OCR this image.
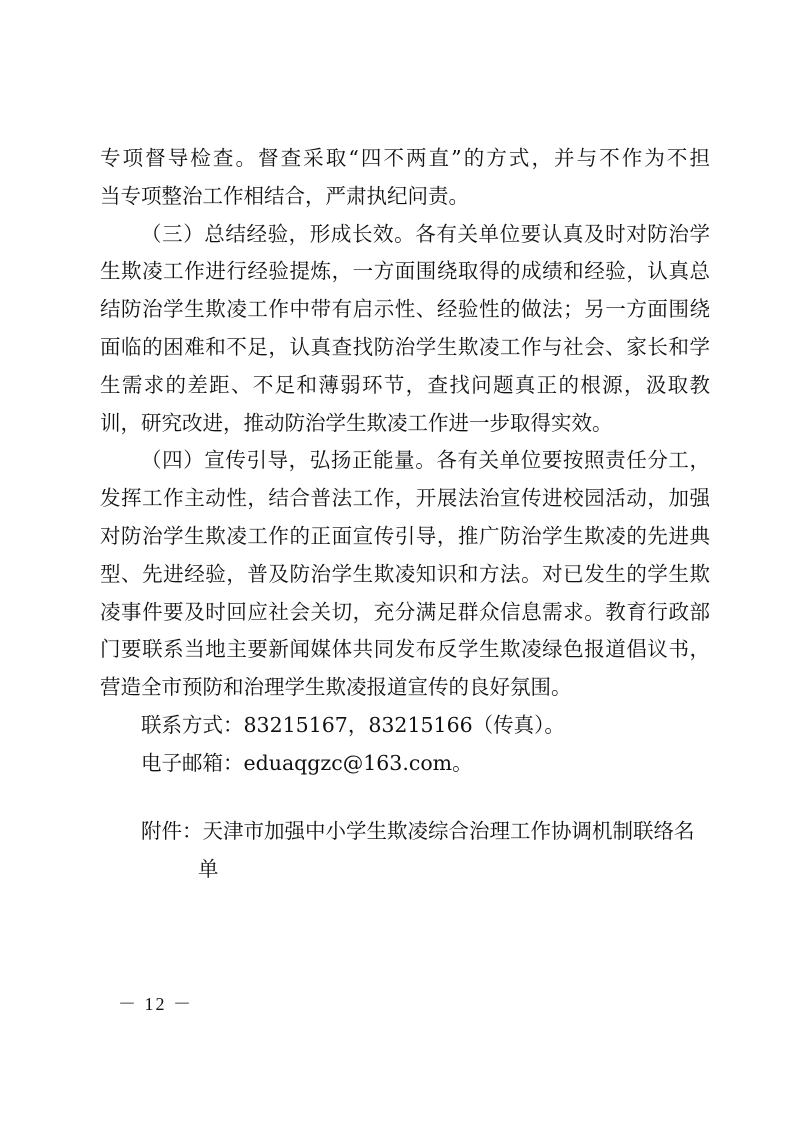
专项督导检查。督查采取“四不两直”的方式，并与不作为不担

当专项整治工作相结合，严肃执纪问责。

（三）总结经验，形成长效。各有关单位要认真及时对防治学生欺凌工作进行经验提炼，一方面围绕取得的成绩和经验，认真总结防治学生欺凌工作中带有启示性、经验性的做法；另一方面围绕面临的困难和不足，认真查找防治学生欺凌工作与社会、家长和学生需求的差距、不足和薄弱环节，查找问题真正的根源，汲取教训，研究改进，推动防治学生欺凌工作进一步取得实效。

（四）宣传引导，弘扬正能量。各有关单位要按照责任分工，发挥工作主动性，结合普法工作，开展法治宣传进校园活动，加强对防治学生欺凌工作的正面宣传引导，推广防治学生欺凌的先进典型、先进经验，普及防治学生欺凌知识和方法。对已发生的学生欺凌事件要及时回应社会关切，充分满足群众信息需求。教育行政部门要联系当地主要新闻媒体共同发布反学生欺凌绿色报道倡议书，营造全市预防和治理学生欺凌报道宣传的良好氛围。

联系方式：83215167，83215166（传真）。

电子邮箱：eduaqgzc@163.com。

附件：天津市加强中小学生欺凌综合治理工作协调机制联络名
单
－ 12 －
